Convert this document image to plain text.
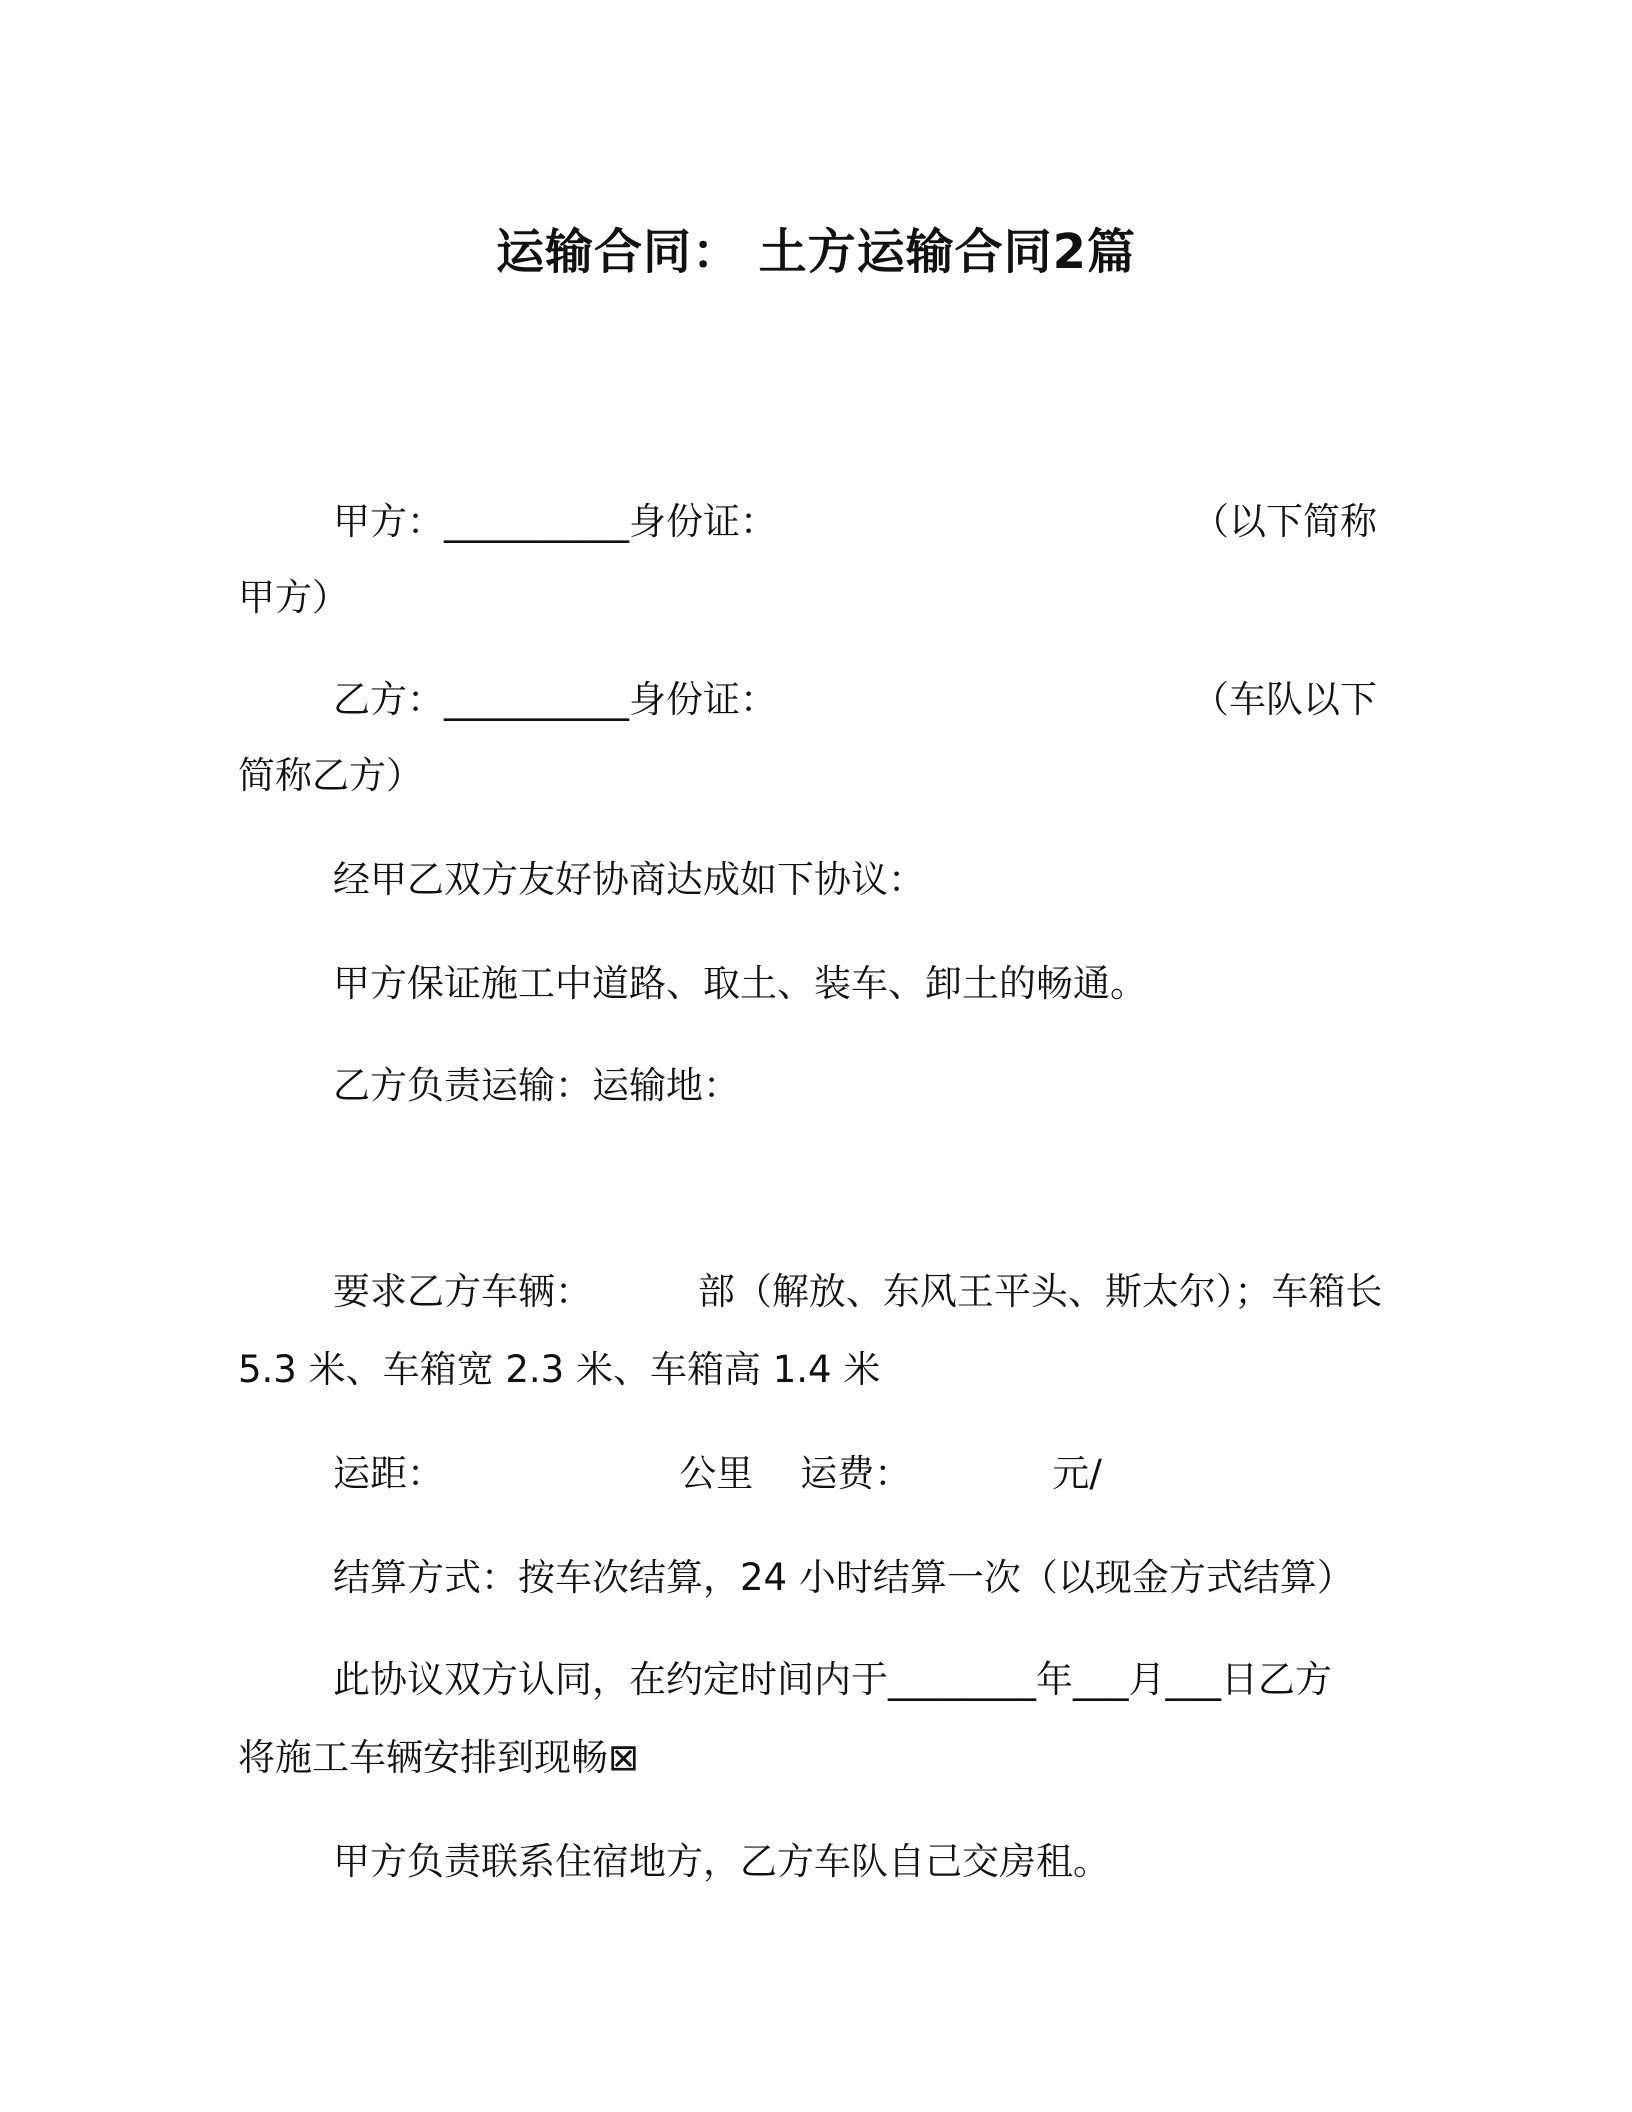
运输合同： 土方运输合同2篇

甲方：__________身份证：	（以下简称

甲方）

乙方：__________身份证：	（车队以下

简称乙方）

经甲乙双方友好协商达成如下协议：

甲方保证施工中道路、取土、装车、卸土的畅通。

乙方负责运输：运输地：

要求乙方车辆：         部（解放、东风王平头、斯太尔）；车箱长

5.3 米、车箱宽 2.3 米、车箱高 1.4 米

运距：                    公里    运费：            元/

结算方式：按车次结算，24 小时结算一次（以现金方式结算）

此协议双方认同，在约定时间内于________年___月___日乙方

将施工车辆安排到现畅⊠

甲方负责联系住宿地方，乙方车队自己交房租。
